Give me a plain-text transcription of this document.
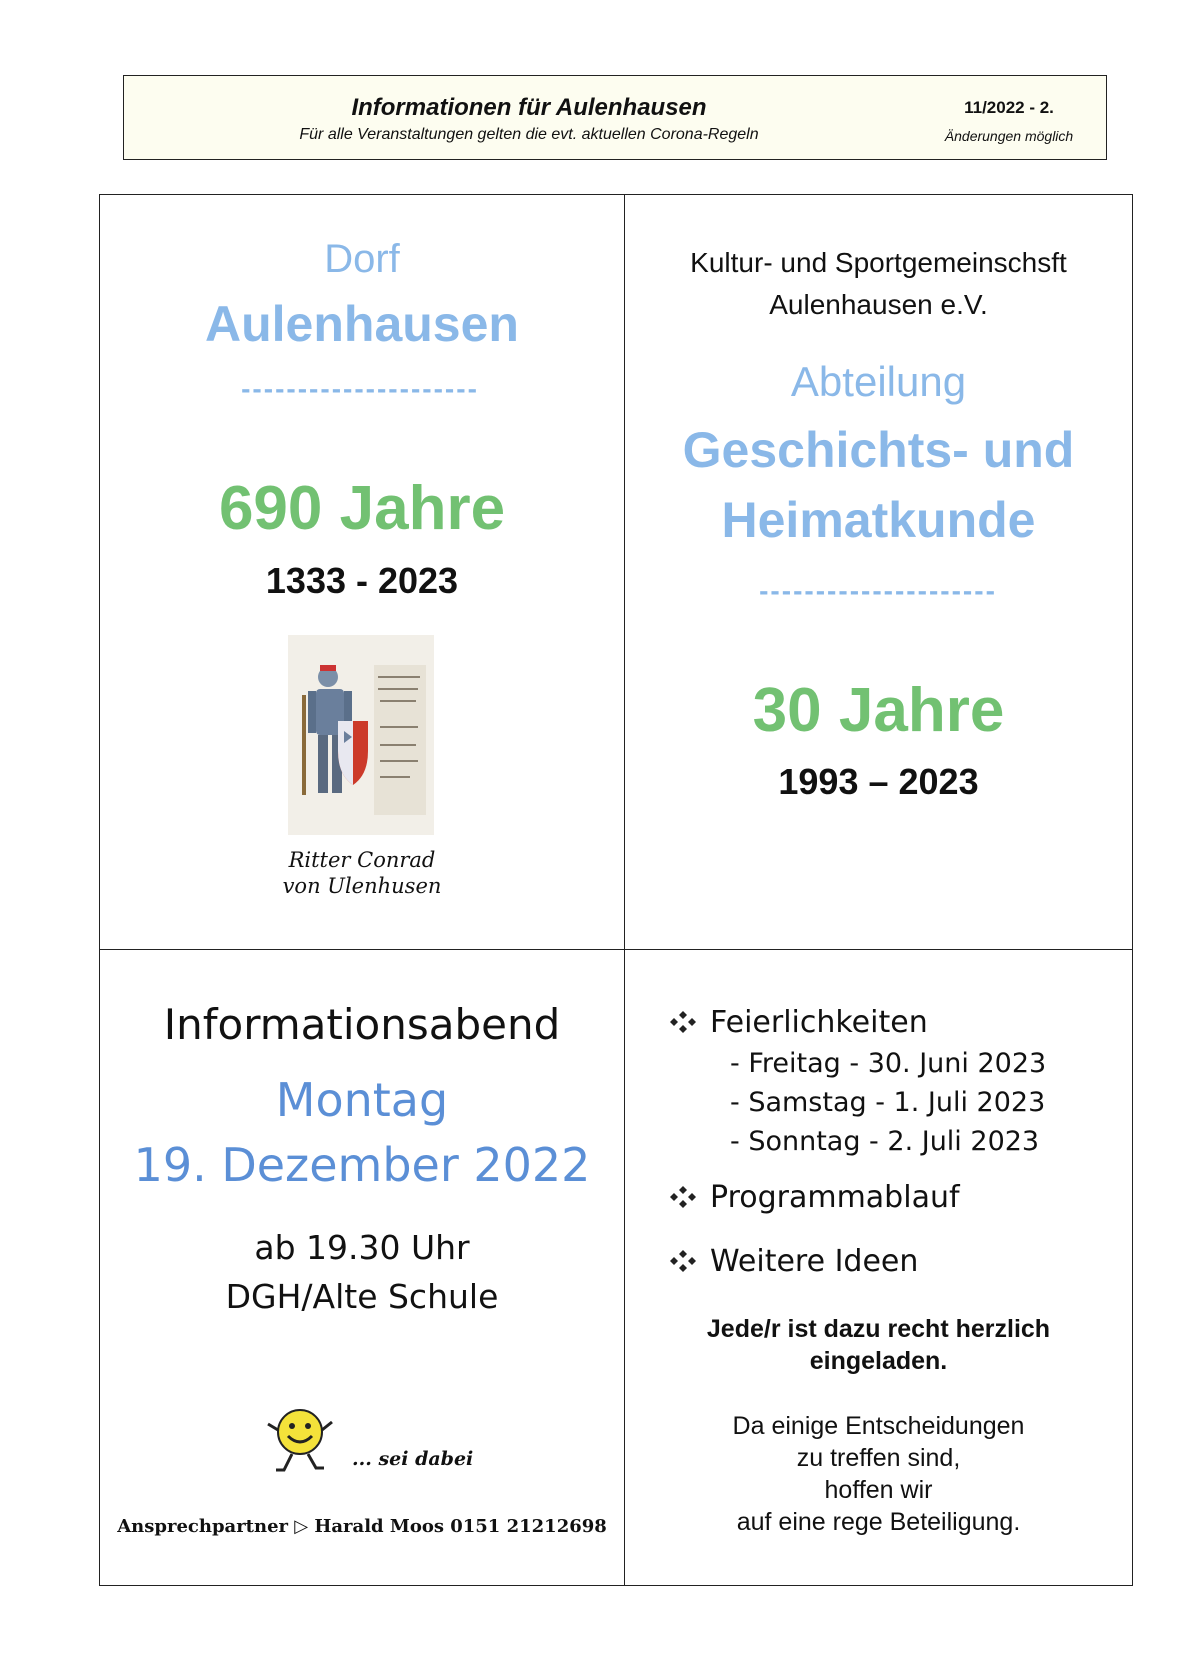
Informationen für Aulenhausen
Für alle Veranstaltungen gelten die evt. aktuellen Corona-Regeln
11/2022 - 2.
Änderungen möglich

Dorf

Aulenhausen

---------------------

690 Jahre

1333 - 2023

Ritter Conrad

von Ulenhusen

Kultur- und Sportgemeinschsft

Aulenhausen e.V.

Abteilung

Geschichts- und

Heimatkunde

---------------------

30 Jahre

1993 – 2023

Informationsabend

Montag

19. Dezember 2022

ab 19.30 Uhr

DGH/Alte Schule

... sei dabei

Ansprechpartner ▷ Harald Moos 0151 21212698

Feierlichkeiten

- Freitag - 30. Juni 2023

- Samstag - 1. Juli 2023

- Sonntag - 2. Juli 2023

Programmablauf
Weitere Ideen

Jede/r ist dazu recht herzlich

eingeladen.

Da einige Entscheidungen

zu treffen sind,

hoffen wir

auf eine rege Beteiligung.
